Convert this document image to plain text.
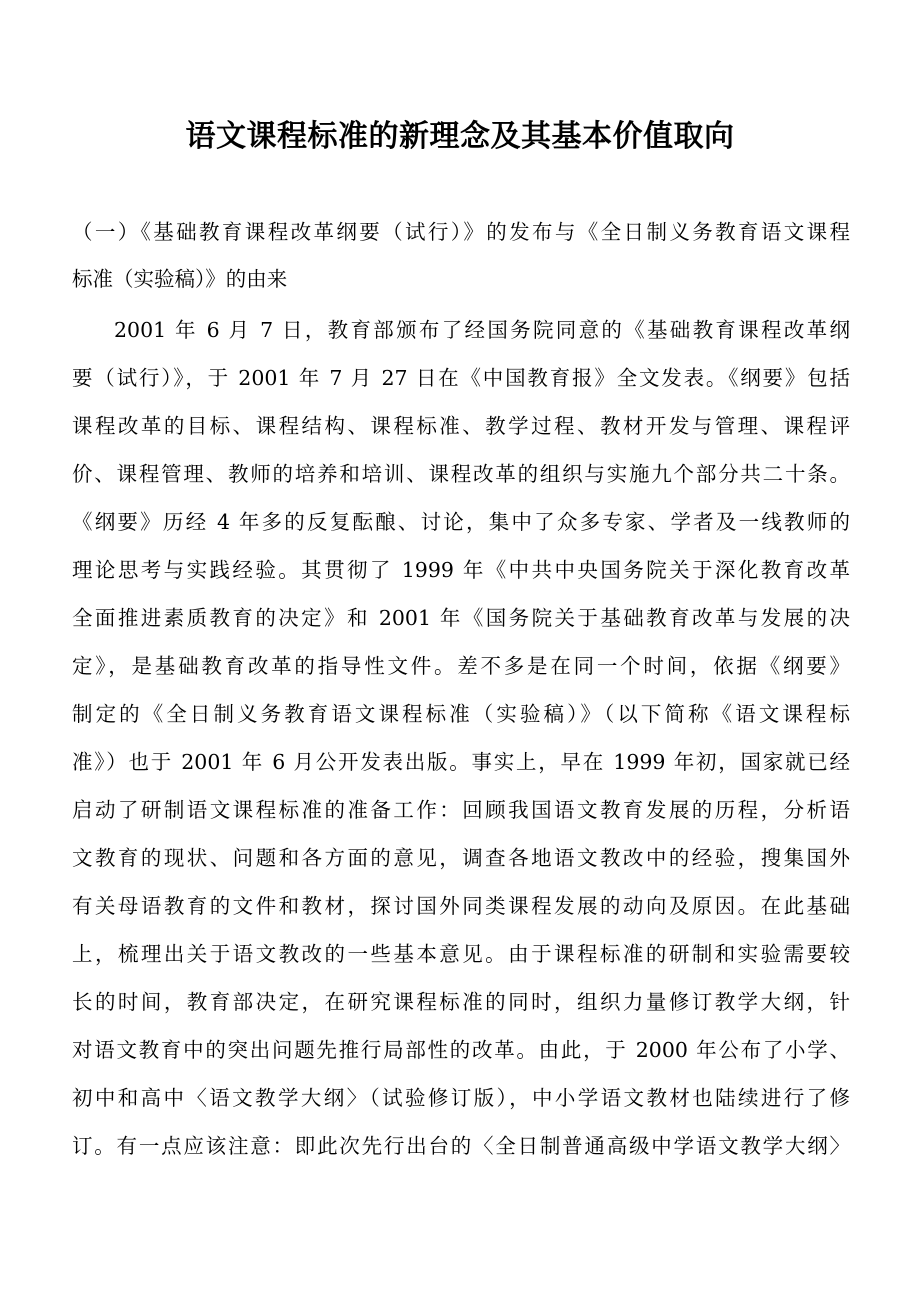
语文课程标准的新理念及其基本价值取向
（一）《基础教育课程改革纲要（试行）》的发布与《全日制义务教育语文课程
标准（实验稿）》的由来
2001 年 6 月 7 日，教育部颁布了经国务院同意的《基础教育课程改革纲
要（试行）》，于 2001 年 7 月 27 日在《中国教育报》全文发表。《纲要》包括
课程改革的目标、课程结构、课程标准、教学过程、教材开发与管理、课程评
价、课程管理、教师的培养和培训、课程改革的组织与实施九个部分共二十条。
《纲要》历经 4 年多的反复酝酿、讨论，集中了众多专家、学者及一线教师的
理论思考与实践经验。其贯彻了 1999 年《中共中央国务院关于深化教育改革
全面推进素质教育的决定》和 2001 年《国务院关于基础教育改革与发展的决
定》，是基础教育改革的指导性文件。差不多是在同一个时间，依据《纲要》
制定的《全日制义务教育语文课程标准（实验稿）》（以下简称《语文课程标
准》）也于 2001 年 6 月公开发表出版。事实上，早在 1999 年初，国家就已经
启动了研制语文课程标准的准备工作：回顾我国语文教育发展的历程，分析语
文教育的现状、问题和各方面的意见，调查各地语文教改中的经验，搜集国外
有关母语教育的文件和教材，探讨国外同类课程发展的动向及原因。在此基础
上，梳理出关于语文教改的一些基本意见。由于课程标准的研制和实验需要较
长的时间，教育部决定，在研究课程标准的同时，组织力量修订教学大纲，针
对语文教育中的突出问题先推行局部性的改革。由此，于 2000 年公布了小学、
初中和高中〈语文教学大纲〉（试验修订版），中小学语文教材也陆续进行了修
订。有一点应该注意：即此次先行出台的〈全日制普通高级中学语文教学大纲〉
